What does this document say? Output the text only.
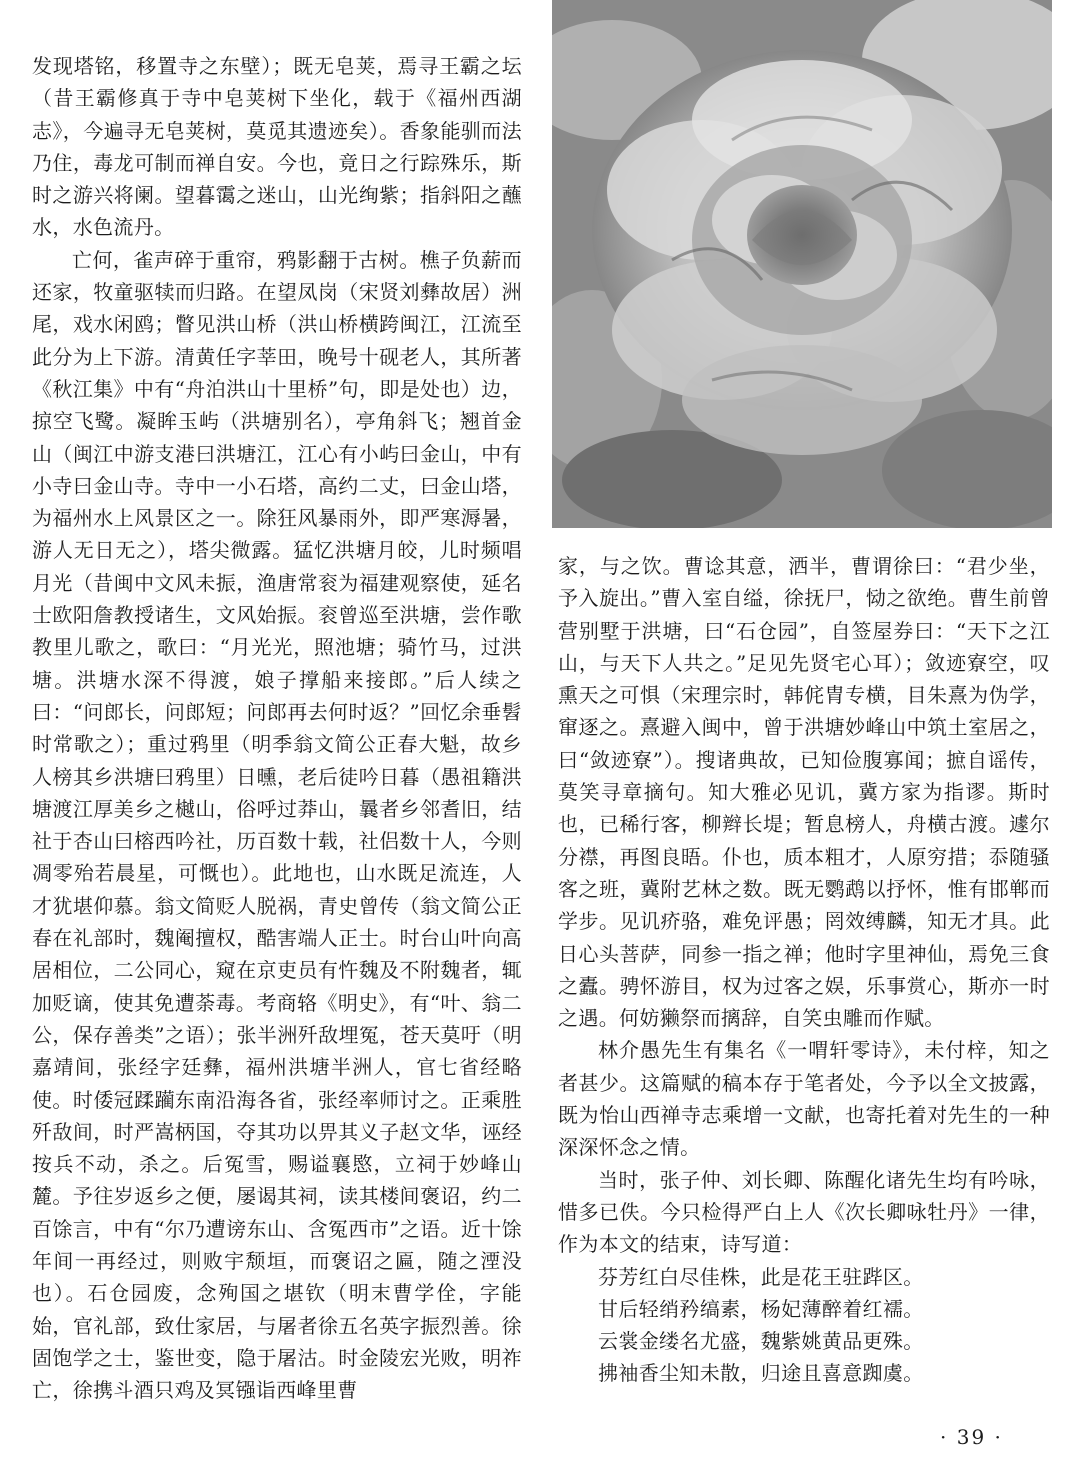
发现塔铭，移置寺之东壁）；既无皂荚，焉寻王霸之坛（昔王霸修真于寺中皂荚树下坐化，载于《福州西湖志》，今遍寻无皂荚树，莫觅其遗迹矣）。香象能驯而法乃住，毒龙可制而禅自安。今也，竟日之行踪殊乐，斯时之游兴将阑。望暮霭之迷山，山光绚紫；指斜阳之蘸水，水色流丹。

亡何，雀声碎于重帘，鸦影翻于古树。樵子负薪而还家，牧童驱犊而归路。在望凤岗（宋贤刘彝故居）洲尾，戏水闲鸥；瞥见洪山桥（洪山桥横跨闽江，江流至此分为上下游。清黄任字莘田，晚号十砚老人，其所著《秋江集》中有“舟泊洪山十里桥”句，即是处也）边，掠空飞鹭。凝眸玉屿（洪塘别名），亭角斜飞；翘首金山（闽江中游支港曰洪塘江，江心有小屿曰金山，中有小寺曰金山寺。寺中一小石塔，高约二丈，曰金山塔，为福州水上风景区之一。除狂风暴雨外，即严寒溽暑，游人无日无之），塔尖微露。猛忆洪塘月皎，儿时频唱月光（昔闽中文风未振，渔唐常衮为福建观察使，延名士欧阳詹教授诸生，文风始振。衮曾巡至洪塘，尝作歌教里儿歌之，歌曰：“月光光，照池塘；骑竹马，过洪塘。洪塘水深不得渡，娘子撑船来接郎。”后人续之曰：“问郎长，问郎短；问郎再去何时返？”回忆余垂髫时常歌之）；重过鸦里（明季翁文简公正春大魁，故乡人榜其乡洪塘曰鸦里）日曛，老后徒吟日暮（愚祖籍洪塘渡江厚美乡之樾山，俗呼过莽山，曩者乡邻耆旧，结社于杏山曰榕西吟社，历百数十载，社侣数十人，今则凋零殆若晨星，可慨也）。此地也，山水既足流连，人才犹堪仰慕。翁文简贬人脱祸，青史曾传（翁文简公正春在礼部时，魏阉擅权，酷害端人正士。时台山叶向高居相位，二公同心，窥在京吏员有忤魏及不附魏者，辄加贬谪，使其免遭荼毒。考商辂《明史》，有“叶、翁二公，保存善类”之语）；张半洲歼敌埋冤，苍天莫吁（明嘉靖间，张经字廷彝，福州洪塘半洲人，官七省经略使。时倭冠蹂躏东南沿海各省，张经率师讨之。正乘胜歼敌间，时严嵩柄国，夺其功以畀其义子赵文华，诬经按兵不动，杀之。后冤雪，赐谥襄愍，立祠于妙峰山麓。予往岁返乡之便，屡谒其祠，读其楼间褒诏，约二百馀言，中有“尔乃遭谤东山、含冤西市”之语。近十馀年间一再经过，则败宇颓垣，而褒诏之匾，随之湮没也）。石仓园废，念殉国之堪钦（明末曹学佺，字能始，官礼部，致仕家居，与屠者徐五名英字振烈善。徐固饱学之士，鉴世变，隐于屠沽。时金陵宏光败，明祚亡，徐携斗酒只鸡及冥镪诣西峰里曹

家，与之饮。曹谂其意，洒半，曹谓徐曰：“君少坐，予入旋出。”曹入室自缢，徐抚尸，恸之欲绝。曹生前曾营别墅于洪塘，曰“石仓园”，自签屋券曰：“天下之江山，与天下人共之。”足见先贤宅心耳）；敛迹寮空，叹熏天之可惧（宋理宗时，韩侂胄专横，目朱熹为伪学，窜逐之。熹避入闽中，曾于洪塘妙峰山中筑土室居之，曰“敛迹寮”）。搜诸典故，已知俭腹寡闻；摭自谣传，莫笑寻章摘句。知大雅必见讥，冀方家为指谬。斯时也，已稀行客，柳辫长堤；暂息榜人，舟横古渡。遽尔分襟，再图良晤。仆也，质本粗才，人原穷措；忝随骚客之班，冀附艺林之数。既无鹦鹉以抒怀，惟有邯郸而学步。见讥疥骆，难免评愚；罔效缚麟，知无才具。此日心头菩萨，同参一指之禅；他时字里神仙，焉免三食之蠹。骋怀游目，权为过客之娱，乐事赏心，斯亦一时之遇。何妨獭祭而摛辞，自笑虫雕而作赋。

林介愚先生有集名《一喟轩零诗》，未付梓，知之者甚少。这篇赋的稿本存于笔者处，今予以全文披露，既为怡山西禅寺志乘增一文献，也寄托着对先生的一种深深怀念之情。

当时，张子仲、刘长卿、陈醒化诸先生均有吟咏，惜多已佚。今只检得严白上人《次长卿咏牡丹》一律，作为本文的结束，诗写道：

芬芳红白尽佳株，此是花王驻跸区。

甘后轻绡矜缟素，杨妃薄醉着红襦。

云裳金缕名尤盛，魏紫姚黄品更殊。

拂袖香尘知未散，归途且喜意踟虞。

· 39 ·
